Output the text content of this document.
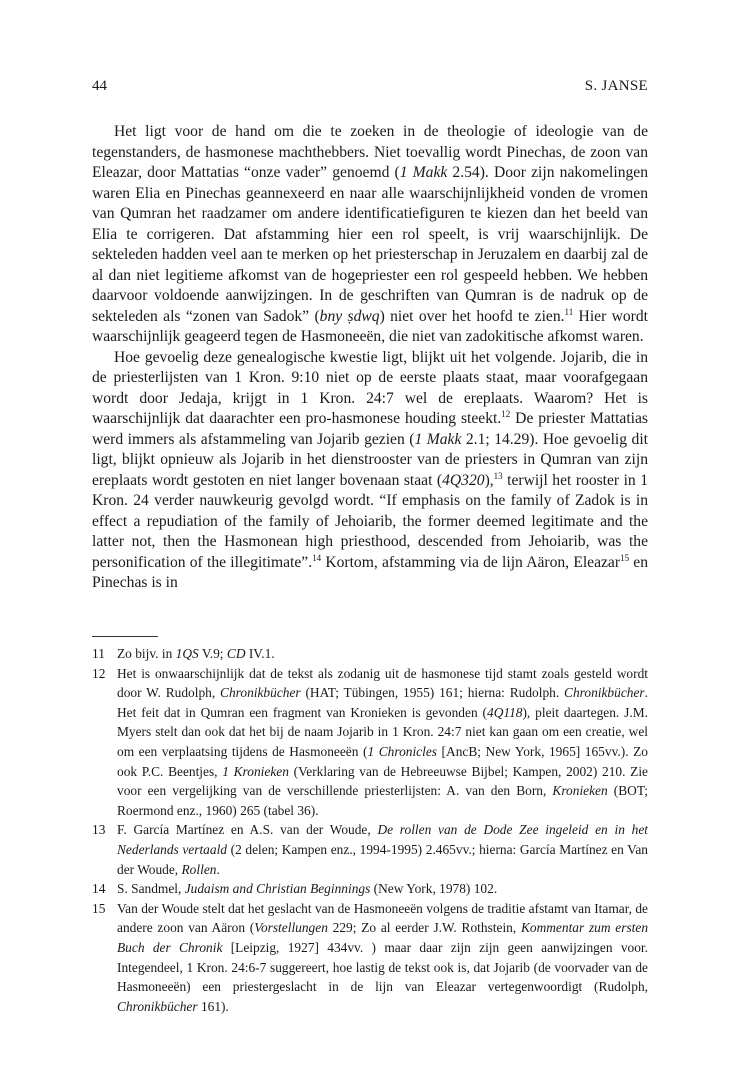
44	S. JANSE

Het ligt voor de hand om die te zoeken in de theologie of ideologie van de tegenstanders, de hasmonese machthebbers. Niet toevallig wordt Pinechas, de zoon van Eleazar, door Mattatias “onze vader” genoemd (1 Makk 2.54). Door zijn nakomelingen waren Elia en Pinechas geannexeerd en naar alle waarschijnlijkheid vonden de vromen van Qumran het raadzamer om andere identificatiefiguren te kiezen dan het beeld van Elia te corrigeren. Dat afstamming hier een rol speelt, is vrij waarschijnlijk. De sekteleden hadden veel aan te merken op het priesterschap in Jeruzalem en daarbij zal de al dan niet legitieme afkomst van de hogepriester een rol gespeeld hebben. We hebben daarvoor voldoende aanwijzingen. In de geschriften van Qumran is de nadruk op de sekteleden als “zonen van Sadok” (bny ṣdwq) niet over het hoofd te zien.$^{11}$ Hier wordt waarschijnlijk geageerd tegen de Hasmoneeën, die niet van zadokitische afkomst waren.

Hoe gevoelig deze genealogische kwestie ligt, blijkt uit het volgende. Jojarib, die in de priesterlijsten van 1 Kron. 9:10 niet op de eerste plaats staat, maar voorafgegaan wordt door Jedaja, krijgt in 1 Kron. 24:7 wel de ereplaats. Waarom? Het is waarschijnlijk dat daarachter een pro-hasmonese houding steekt.$^{12}$ De priester Mattatias werd immers als afstammeling van Jojarib gezien (1 Makk 2.1; 14.29). Hoe gevoelig dit ligt, blijkt opnieuw als Jojarib in het dienstrooster van de priesters in Qumran van zijn ereplaats wordt gestoten en niet langer bovenaan staat (4Q320),$^{13}$ terwijl het rooster in 1 Kron. 24 verder nauwkeurig gevolgd wordt. “If emphasis on the family of Zadok is in effect a repudiation of the family of Jehoiarib, the former deemed legitimate and the latter not, then the Hasmonean high priesthood, descended from Jehoiarib, was the personification of the illegitimate”.$^{14}$ Kortom, afstamming via de lijn Aäron, Eleazar$^{15}$ en Pinechas is in

11 Zo bijv. in 1QS V.9; CD IV.1.
12 Het is onwaarschijnlijk dat de tekst als zodanig uit de hasmonese tijd stamt zoals gesteld wordt door W. Rudolph, Chronikbücher (HAT; Tübingen, 1955) 161; hierna: Rudolph. Chronikbücher. Het feit dat in Qumran een fragment van Kronieken is gevonden (4Q118), pleit daartegen. J.M. Myers stelt dan ook dat het bij de naam Jojarib in 1 Kron. 24:7 niet kan gaan om een creatie, wel om een verplaatsing tijdens de Hasmoneeën (1 Chronicles [AncB; New York, 1965] 165vv.). Zo ook P.C. Beentjes, 1 Kronieken (Verklaring van de Hebreeuwse Bijbel; Kampen, 2002) 210. Zie voor een vergelijking van de verschillende priesterlijsten: A. van den Born, Kronieken (BOT; Roermond enz., 1960) 265 (tabel 36).
13 F. García Martínez en A.S. van der Woude, De rollen van de Dode Zee ingeleid en in het Nederlands vertaald (2 delen; Kampen enz., 1994-1995) 2.465vv.; hierna: García Martínez en Van der Woude, Rollen.
14 S. Sandmel, Judaism and Christian Beginnings (New York, 1978) 102.
15 Van der Woude stelt dat het geslacht van de Hasmoneeën volgens de traditie afstamt van Itamar, de andere zoon van Aäron (Vorstellungen 229; Zo al eerder J.W. Rothstein, Kommentar zum ersten Buch der Chronik [Leipzig, 1927] 434vv. ) maar daar zijn zijn geen aanwijzingen voor. Integendeel, 1 Kron. 24:6-7 suggereert, hoe lastig de tekst ook is, dat Jojarib (de voorvader van de Hasmoneeën) een priestergeslacht in de lijn van Eleazar vertegenwoordigt (Rudolph, Chronikbücher 161).
